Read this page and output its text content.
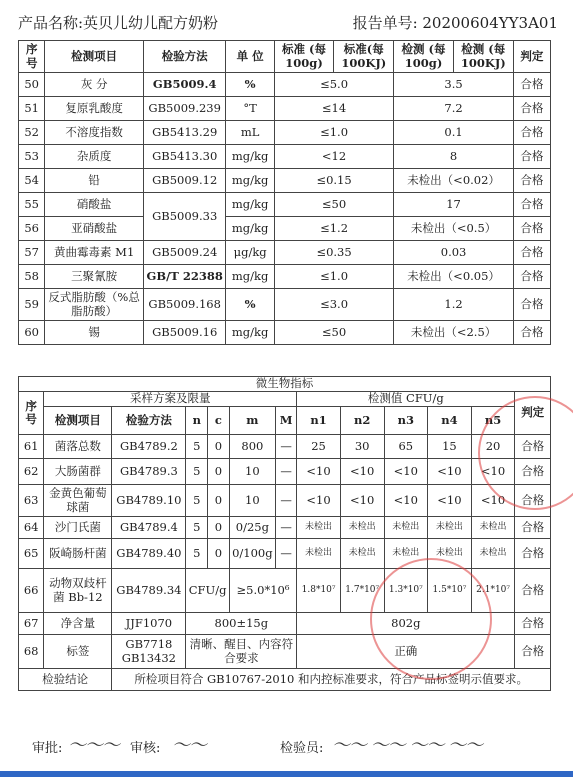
产品名称:英贝儿幼儿配方奶粉	报告单号: 20200604YY3A01
序号	检测项目	检验方法	单 位	标准 (每100g)	标准(每100KJ)	检测 (每100g)	检测 (每100KJ)	判定
50	灰 分	GB5009.4	%	≤5.0		3.5		合格
51	复原乳酸度	GB5009.239	°T	≤14		7.2		合格
52	不溶度指数	GB5413.29	mL	≤1.0		0.1		合格
53	杂质度	GB5413.30	mg/kg	<12		8		合格
54	铅	GB5009.12	mg/kg	≤0.15		未检出（<0.02）		合格
55	硝酸盐	GB5009.33	mg/kg	≤50		17		合格
56	亚硝酸盐		mg/kg	≤1.2		未检出（<0.5）		合格
57	黄曲霉毒素 M1	GB5009.24	μg/kg	≤0.35		0.03		合格
58	三聚氰胺	GB/T 22388	mg/kg	≤1.0		未检出（<0.05）		合格
59	反式脂肪酸（%总脂肪酸）	GB5009.168	%	≤3.0		1.2		合格
60	锡	GB5009.16	mg/kg	≤50		未检出（<2.5）		合格
微生物指标												
序号	采样方案及限量						检测值 CFU/g					判定
	检测项目	检验方法	n	c	m	M	n1	n2	n3	n4	n5	
61	菌落总数	GB4789.2	5	0	800	—	25	30	65	15	20	合格
62	大肠菌群	GB4789.3	5	0	10	—	<10	<10	<10	<10	<10	合格
63	金黄色葡萄球菌	GB4789.10	5	0	10	—	<10	<10	<10	<10	<10	合格
64	沙门氏菌	GB4789.4	5	0	0/25g	—	未检出	未检出	未检出	未检出	未检出	合格
65	阪崎肠杆菌	GB4789.40	5	0	0/100g	—	未检出	未检出	未检出	未检出	未检出	合格
66	动物双歧杆菌 Bb-12	GB4789.34	CFU/g		≥5.0*10⁶		1.8*10⁷	1.7*10⁷	1.3*10⁷	1.5*10⁷	2.1*10⁷	合格
67	净含量	JJF1070	800±15g				802g					合格
68	标签	GB7718 GB13432	清晰、醒目、内容符合要求				正确					合格
检验结论		所检项目符合 GB10767-2010 和内控标准要求，符合产品标签明示值要求。										
审批: 〜〜〜 审核: 〜〜	检验员: 〜〜 〜〜 〜〜 〜〜
